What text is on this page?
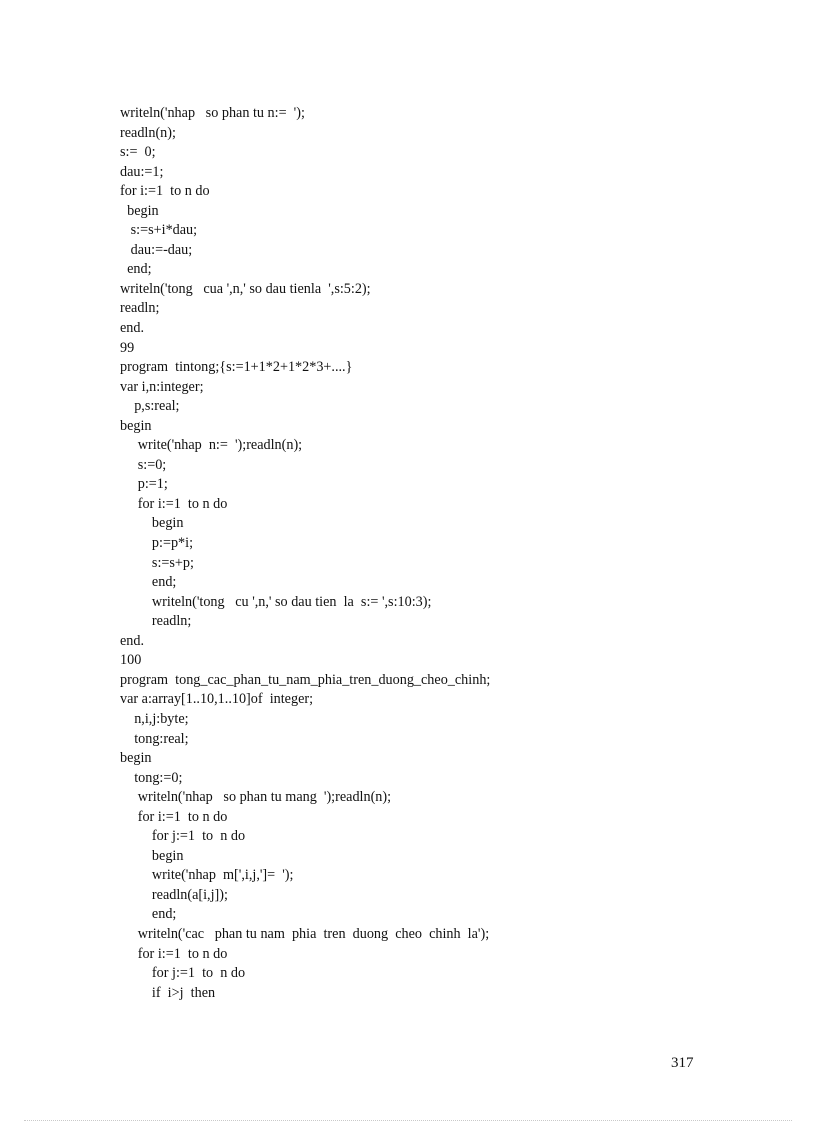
writeln('nhap   so phan tu n:=  ');
readln(n);
s:=  0;
dau:=1;
for i:=1  to n do
begin
s:=s+i*dau;
dau:=-dau;
end;
writeln('tong   cua ',n,' so dau tienla  ',s:5:2);
readln;
end.
99
program  tintong;{s:=1+1*2+1*2*3+....}
var i,n:integer;
p,s:real;
begin
write('nhap  n:=  ');readln(n);
s:=0;
p:=1;
for i:=1  to n do
begin
p:=p*i;
s:=s+p;
end;
writeln('tong   cu ',n,' so dau tien  la  s:= ',s:10:3);
readln;
end.
100
program  tong_cac_phan_tu_nam_phia_tren_duong_cheo_chinh;
var a:array[1..10,1..10]of  integer;
n,i,j:byte;
tong:real;
begin
tong:=0;
writeln('nhap   so phan tu mang  ');readln(n);
for i:=1  to n do
for j:=1  to  n do
begin
write('nhap  m[',i,j,']=  ');
readln(a[i,j]);
end;
writeln('cac   phan tu nam  phia  tren  duong  cheo  chinh  la');
for i:=1  to n do
for j:=1  to  n do
if  i>j  then
317
